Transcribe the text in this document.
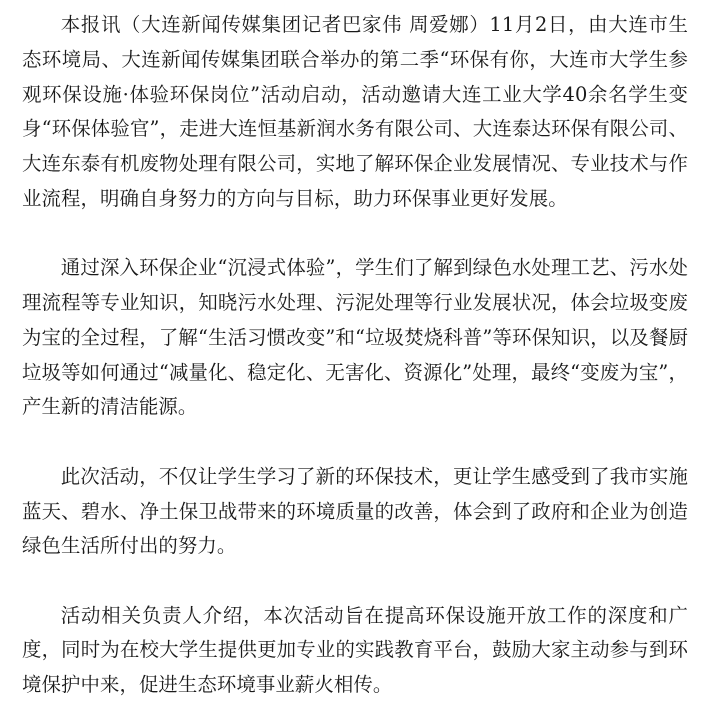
本报讯（大连新闻传媒集团记者巴家伟 周爱娜）11月2日，由大连市生态环境局、大连新闻传媒集团联合举办的第二季“环保有你，大连市大学生参观环保设施·体验环保岗位”活动启动，活动邀请大连工业大学40余名学生变身“环保体验官”，走进大连恒基新润水务有限公司、大连泰达环保有限公司、大连东泰有机废物处理有限公司，实地了解环保企业发展情况、专业技术与作业流程，明确自身努力的方向与目标，助力环保事业更好发展。

通过深入环保企业“沉浸式体验”，学生们了解到绿色水处理工艺、污水处理流程等专业知识，知晓污水处理、污泥处理等行业发展状况，体会垃圾变废为宝的全过程，了解“生活习惯改变”和“垃圾焚烧科普”等环保知识，以及餐厨垃圾等如何通过“减量化、稳定化、无害化、资源化”处理，最终“变废为宝”，产生新的清洁能源。

此次活动，不仅让学生学习了新的环保技术，更让学生感受到了我市实施蓝天、碧水、净土保卫战带来的环境质量的改善，体会到了政府和企业为创造绿色生活所付出的努力。

活动相关负责人介绍，本次活动旨在提高环保设施开放工作的深度和广度，同时为在校大学生提供更加专业的实践教育平台，鼓励大家主动参与到环境保护中来，促进生态环境事业薪火相传。
